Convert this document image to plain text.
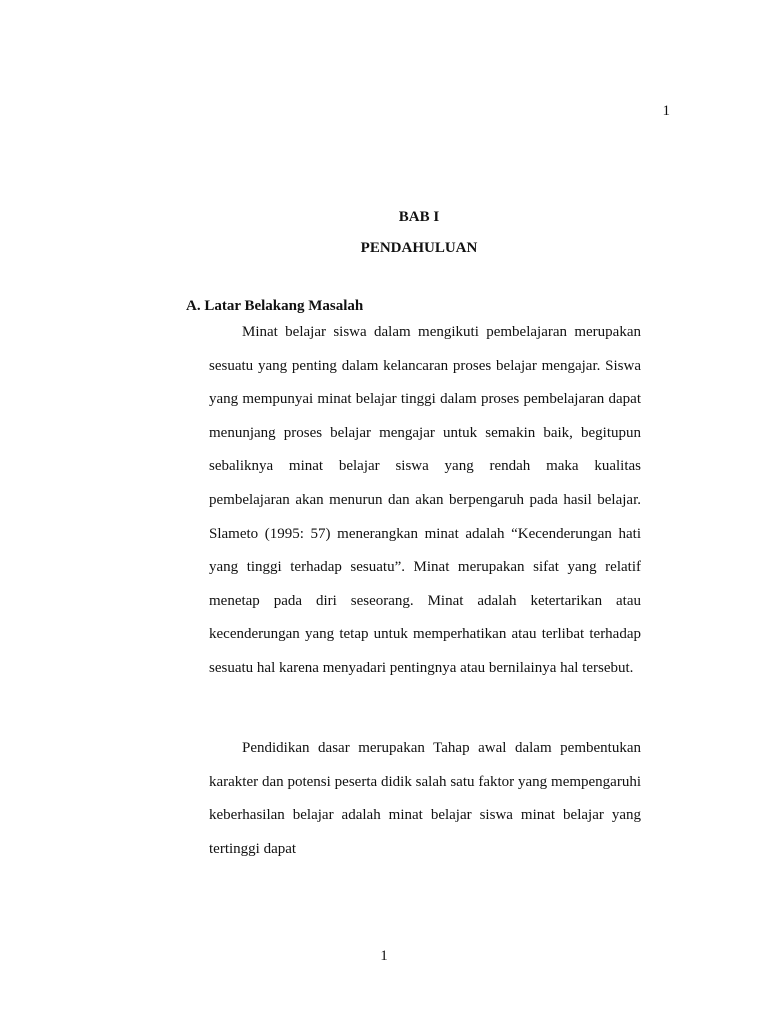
1
BAB I
PENDAHULUAN
A. Latar Belakang Masalah

Minat belajar siswa dalam mengikuti pembelajaran merupakan sesuatu yang penting dalam kelancaran proses belajar mengajar. Siswa yang mempunyai minat belajar tinggi dalam proses pembelajaran dapat menunjang proses belajar mengajar untuk semakin baik, begitupun sebaliknya minat belajar siswa yang rendah maka kualitas pembelajaran akan menurun dan akan berpengaruh pada hasil belajar. Slameto (1995: 57) menerangkan minat adalah “Kecenderungan hati yang tinggi terhadap sesuatu”. Minat merupakan sifat yang relatif menetap pada diri seseorang. Minat adalah ketertarikan atau kecenderungan yang tetap untuk memperhatikan atau terlibat terhadap sesuatu hal karena menyadari pentingnya atau bernilainya hal tersebut.

Pendidikan dasar merupakan Tahap awal dalam pembentukan karakter dan potensi peserta didik salah satu faktor yang mempengaruhi keberhasilan belajar adalah minat belajar siswa minat belajar yang tertinggi dapat

1
